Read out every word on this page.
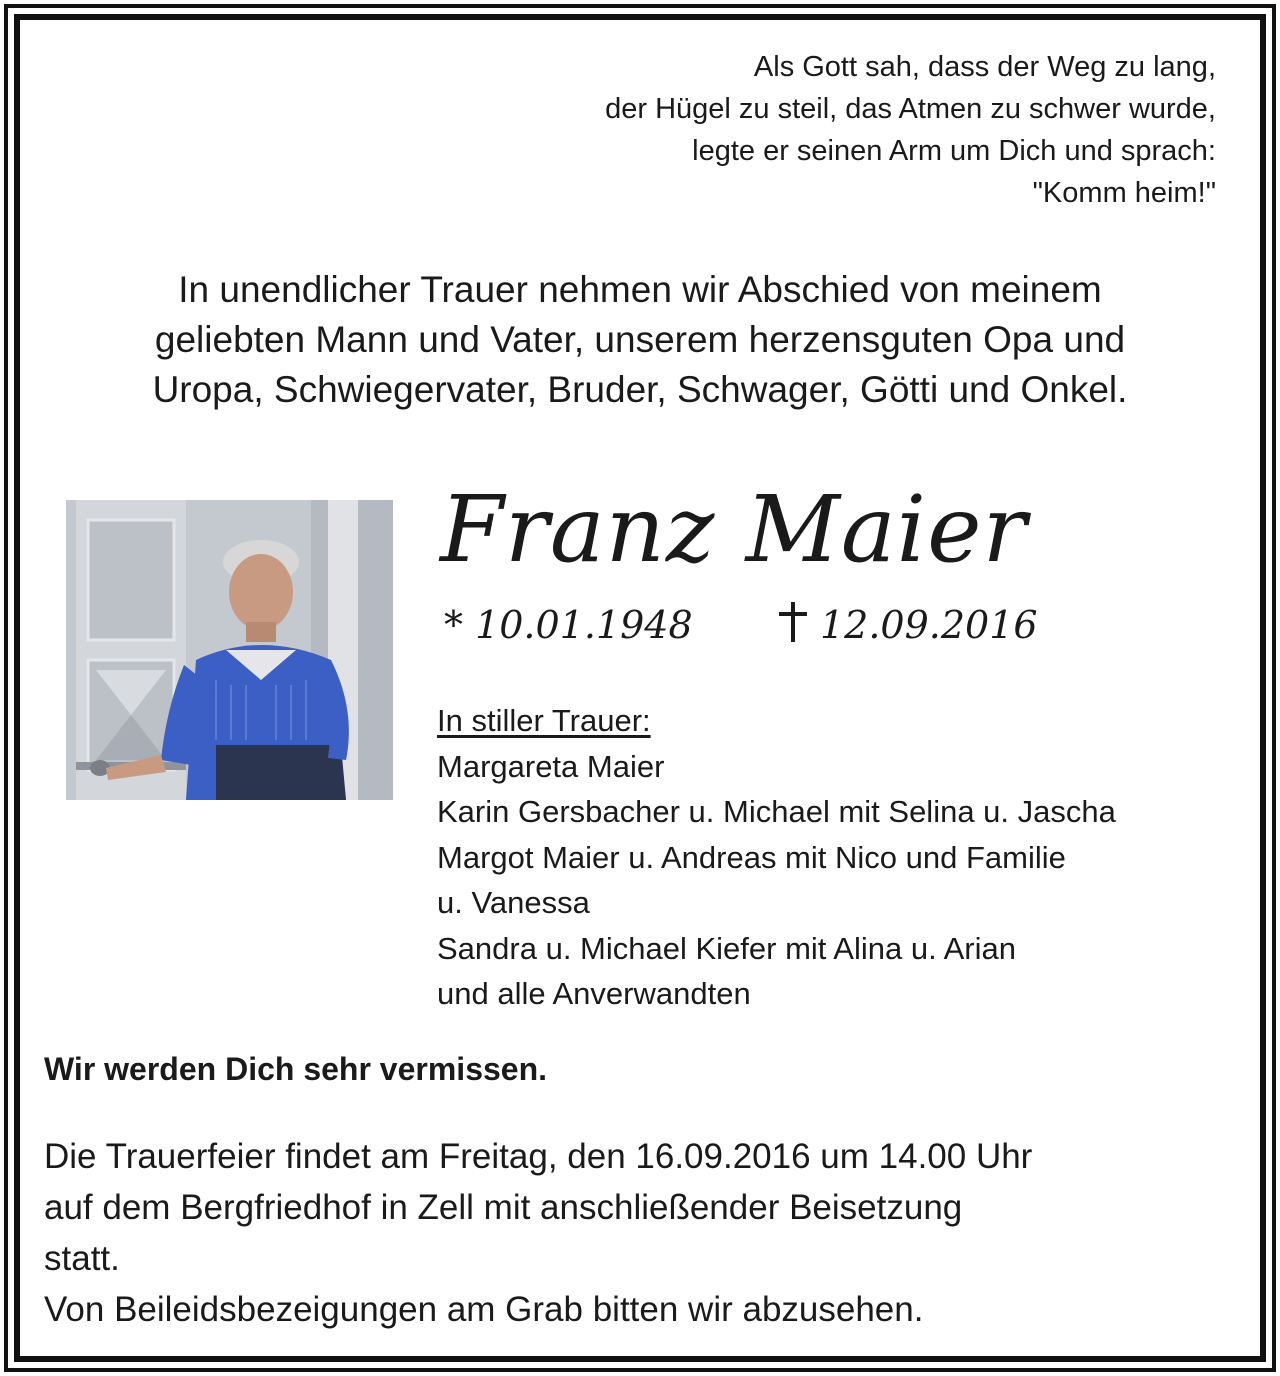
Als Gott sah, dass der Weg zu lang,
der Hügel zu steil, das Atmen zu schwer wurde,
legte er seinen Arm um Dich und sprach:
"Komm heim!"
In unendlicher Trauer nehmen wir Abschied von meinem
geliebten Mann und Vater, unserem herzensguten Opa und
Uropa, Schwiegervater, Bruder, Schwager, Götti und Onkel.
Franz Maier
* 10.01.1948	12.09.2016
In stiller Trauer:
Margareta Maier
Karin Gersbacher u. Michael mit Selina u. Jascha
Margot Maier u. Andreas mit Nico und Familie
u. Vanessa
Sandra u. Michael Kiefer mit Alina u. Arian
und alle Anverwandten
Wir werden Dich sehr vermissen.
Die Trauerfeier findet am Freitag, den 16.09.2016 um 14.00 Uhr
auf dem Bergfriedhof in Zell mit anschließender Beisetzung
statt.
Von Beileidsbezeigungen am Grab bitten wir abzusehen.
